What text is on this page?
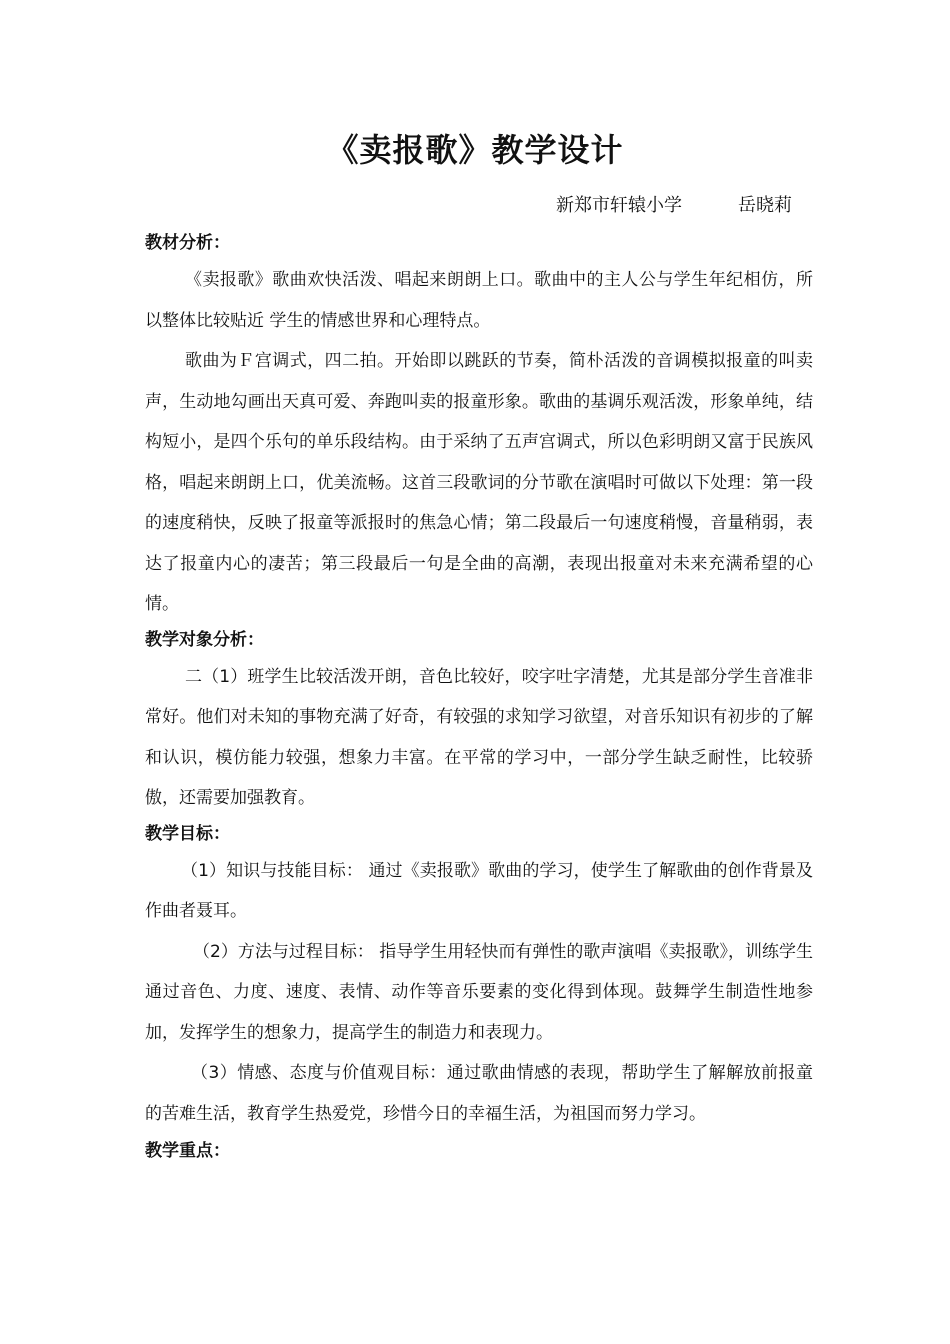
《卖报歌》教学设计
新郑市轩辕小学	岳晓莉
教材分析：

《卖报歌》歌曲欢快活泼、唱起来朗朗上口。歌曲中的主人公与学生年纪相仿，所以整体比较贴近 学生的情感世界和心理特点。

歌曲为Ｆ宫调式，四二拍。开始即以跳跃的节奏，简朴活泼的音调模拟报童的叫卖声，生动地勾画出天真可爱、奔跑叫卖的报童形象。歌曲的基调乐观活泼，形象单纯，结构短小，是四个乐句的单乐段结构。由于采纳了五声宫调式，所以色彩明朗又富于民族风格，唱起来朗朗上口，优美流畅。这首三段歌词的分节歌在演唱时可做以下处理：第一段的速度稍快，反映了报童等派报时的焦急心情；第二段最后一句速度稍慢，音量稍弱，表达了报童内心的凄苦；第三段最后一句是全曲的高潮，表现出报童对未来充满希望的心情。

教学对象分析：

二（1）班学生比较活泼开朗，音色比较好，咬字吐字清楚，尤其是部分学生音准非常好。他们对未知的事物充满了好奇，有较强的求知学习欲望，对音乐知识有初步的了解和认识，模仿能力较强，想象力丰富。在平常的学习中，一部分学生缺乏耐性，比较骄傲，还需要加强教育。

教学目标：

（1）知识与技能目标： 通过《卖报歌》歌曲的学习，使学生了解歌曲的创作背景及作曲者聂耳。

（2）方法与过程目标： 指导学生用轻快而有弹性的歌声演唱《卖报歌》，训练学生通过音色、力度、速度、表情、动作等音乐要素的变化得到体现。鼓舞学生制造性地参加，发挥学生的想象力，提高学生的制造力和表现力。

（3）情感、态度与价值观目标：通过歌曲情感的表现，帮助学生了解解放前报童的苦难生活，教育学生热爱党，珍惜今日的幸福生活，为祖国而努力学习。

教学重点：
